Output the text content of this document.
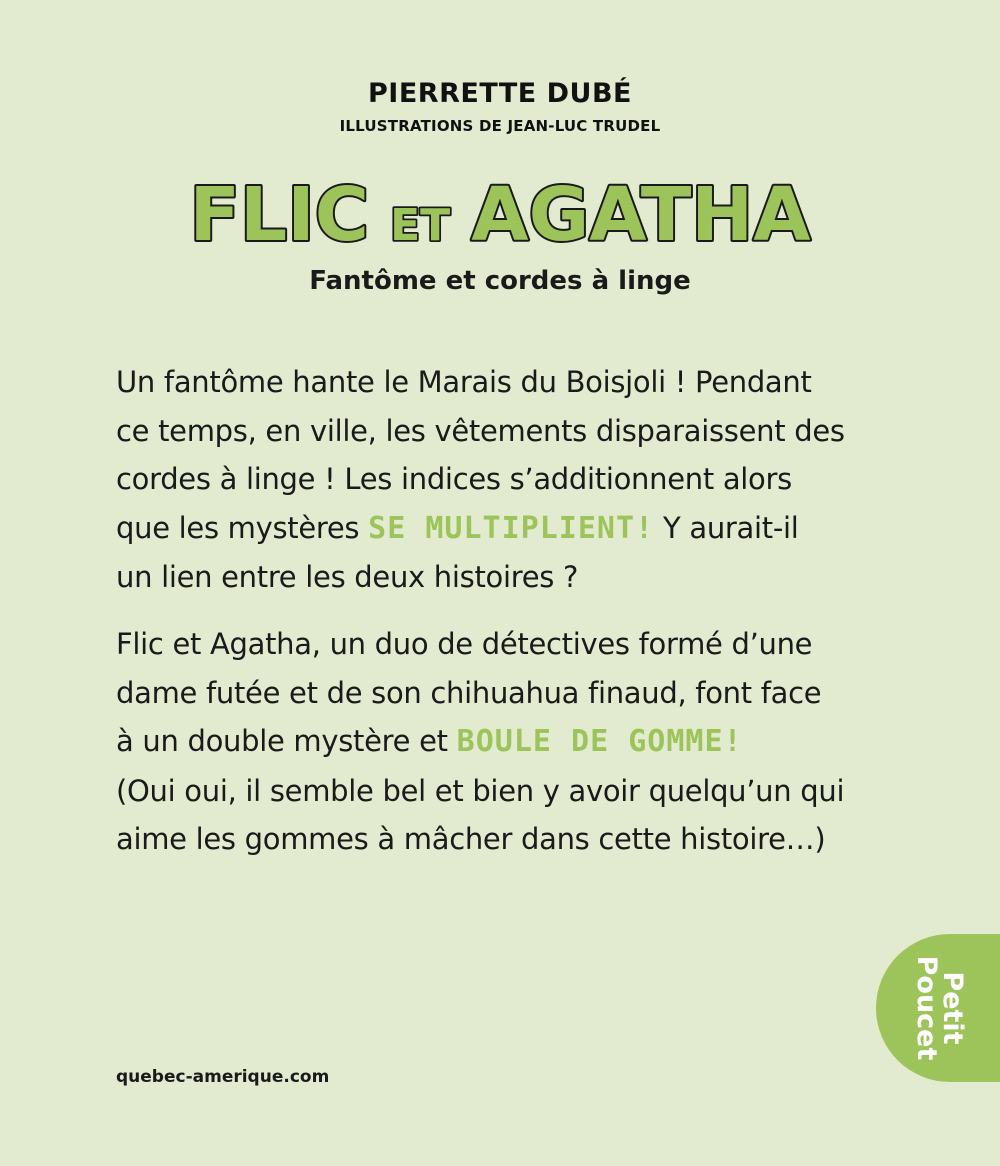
PIERRETTE DUBÉ
ILLUSTRATIONS DE JEAN-LUC TRUDEL
FLIC ET AGATHA
Fantôme et cordes à linge

Un fantôme hante le Marais du Boisjoli ! Pendant
ce temps, en ville, les vêtements disparaissent des
cordes à linge ! Les indices s’additionnent alors
que les mystères SE MULTIPLIENT! Y aurait-il
un lien entre les deux histoires ?

Flic et Agatha, un duo de détectives formé d’une
dame futée et de son chihuahua finaud, font face
à un double mystère et BOULE DE GOMME!
(Oui oui, il semble bel et bien y avoir quelqu’un qui
aime les gommes à mâcher dans cette histoire…)

quebec-amerique.com
Petit
Poucet
